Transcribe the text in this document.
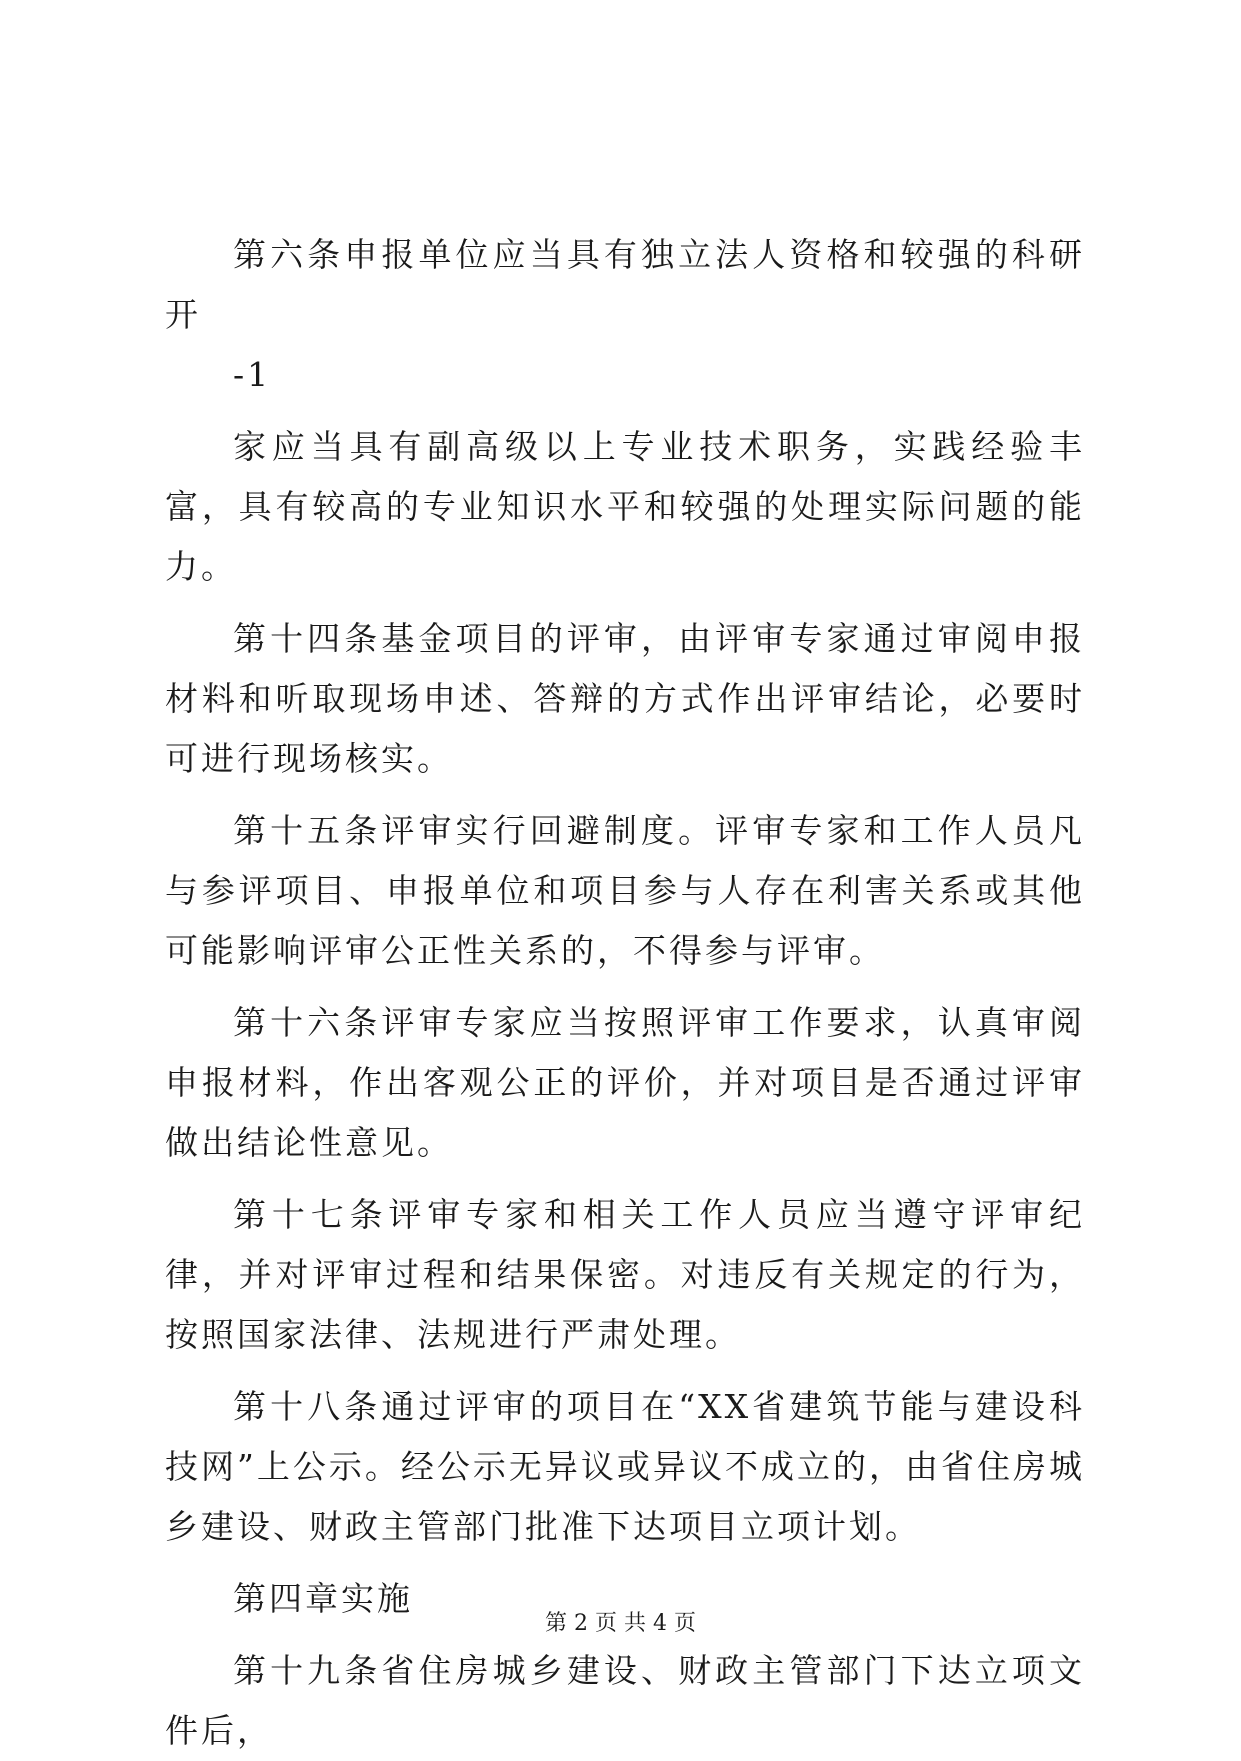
第六条申报单位应当具有独立法人资格和较强的科研开

-1

家应当具有副高级以上专业技术职务，实践经验丰富，具有较高的专业知识水平和较强的处理实际问题的能力。

第十四条基金项目的评审，由评审专家通过审阅申报材料和听取现场申述、答辩的方式作出评审结论，必要时可进行现场核实。

第十五条评审实行回避制度。评审专家和工作人员凡与参评项目、申报单位和项目参与人存在利害关系或其他可能影响评审公正性关系的，不得参与评审。

第十六条评审专家应当按照评审工作要求，认真审阅申报材料，作出客观公正的评价，并对项目是否通过评审做出结论性意见。

第十七条评审专家和相关工作人员应当遵守评审纪律，并对评审过程和结果保密。对违反有关规定的行为，按照国家法律、法规进行严肃处理。

第十八条通过评审的项目在“XX省建筑节能与建设科技网”上公示。经公示无异议或异议不成立的，由省住房城乡建设、财政主管部门批准下达项目立项计划。

第四章实施

第十九条省住房城乡建设、财政主管部门下达立项文件后，

第 2 页 共 4 页
